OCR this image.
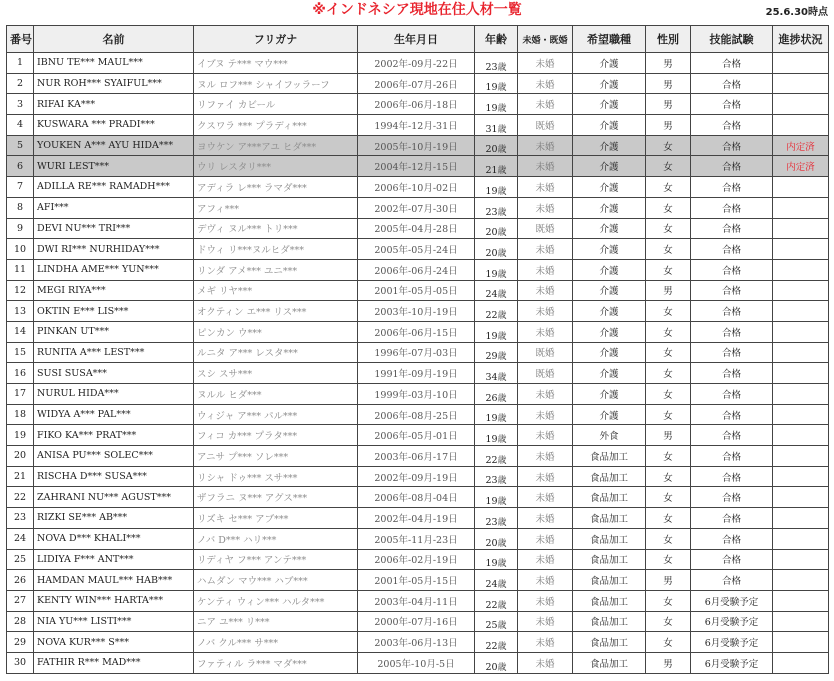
※インドネシア現地在住人材一覧	25.6.30時点
番号	名前	フリガナ	生年月日	年齢	未婚・既婚	希望職種	性別	技能試験	進捗状況
1	IBNU TE*** MAUL***	イブヌ テ*** マウ***	2002年-09月-22日	23歳	未婚	介護	男	合格	
2	NUR ROH*** SYAIFUL***	ヌル ロフ*** シャイフッラーフ	2006年-07月-26日	19歳	未婚	介護	男	合格	
3	RIFAI KA***	リファイ カビール	2006年-06月-18日	19歳	未婚	介護	男	合格	
4	KUSWARA *** PRADI***	クスワラ *** プラディ***	1994年-12月-31日	31歳	既婚	介護	男	合格	
5	YOUKEN A*** AYU HIDA***	ヨウケン ア***アユ ヒダ***	2005年-10月-19日	20歳	未婚	介護	女	合格	内定済
6	WURI LEST***	ウリ レスタリ***	2004年-12月-15日	21歳	未婚	介護	女	合格	内定済
7	ADILLA RE*** RAMADH***	アディラ レ*** ラマダ***	2006年-10月-02日	19歳	未婚	介護	女	合格	
8	AFI***	アフィ***	2002年-07月-30日	23歳	未婚	介護	女	合格	
9	DEVI NU*** TRI***	デヴィ ヌル*** トリ***	2005年-04月-28日	20歳	既婚	介護	女	合格	
10	DWI RI*** NURHIDAY***	ドウィ リ***ヌルヒダ***	2005年-05月-24日	20歳	未婚	介護	女	合格	
11	LINDHA AME*** YUN***	リンダ アメ*** ユニ***	2006年-06月-24日	19歳	未婚	介護	女	合格	
12	MEGI RIYA***	メギ リヤ***	2001年-05月-05日	24歳	未婚	介護	男	合格	
13	OKTIN E*** LIS***	オクティン エ*** リス***	2003年-10月-19日	22歳	未婚	介護	女	合格	
14	PINKAN UT***	ピンカン ウ***	2006年-06月-15日	19歳	未婚	介護	女	合格	
15	RUNITA A*** LEST***	ルニタ ア*** レスタ***	1996年-07月-03日	29歳	既婚	介護	女	合格	
16	SUSI SUSA***	スシ スサ***	1991年-09月-19日	34歳	既婚	介護	女	合格	
17	NURUL HIDA***	ヌルル ヒダ***	1999年-03月-10日	26歳	未婚	介護	女	合格	
18	WIDYA A*** PAL***	ウィジャ ア*** パル***	2006年-08月-25日	19歳	未婚	介護	女	合格	
19	FIKO KA*** PRAT***	フィコ カ*** プラタ***	2006年-05月-01日	19歳	未婚	外食	男	合格	
20	ANISA PU*** SOLEC***	アニサ プ*** ソレ***	2003年-06月-17日	22歳	未婚	食品加工	女	合格	
21	RISCHA D*** SUSA***	リシャ ドゥ*** スサ***	2002年-09月-19日	23歳	未婚	食品加工	女	合格	
22	ZAHRANI NU*** AGUST***	ザフラニ ヌ*** アグス***	2006年-08月-04日	19歳	未婚	食品加工	女	合格	
23	RIZKI SE*** AB***	リズキ セ*** アブ***	2002年-04月-19日	23歳	未婚	食品加工	女	合格	
24	NOVA D*** KHALI***	ノバ D*** ハリ***	2005年-11月-23日	20歳	未婚	食品加工	女	合格	
25	LIDIYA F*** ANT***	リディヤ フ*** アンテ***	2006年-02月-19日	19歳	未婚	食品加工	女	合格	
26	HAMDAN MAUL*** HAB***	ハムダン マウ*** ハブ***	2001年-05月-15日	24歳	未婚	食品加工	男	合格	
27	KENTY WIN*** HARTA***	ケンティ ウィン*** ハルタ***	2003年-04月-11日	22歳	未婚	食品加工	女	6月受験予定	
28	NIA YU*** LISTI***	ニア ユ*** リ***	2000年-07月-16日	25歳	未婚	食品加工	女	6月受験予定	
29	NOVA KUR*** S***	ノバ クル*** サ***	2003年-06月-13日	22歳	未婚	食品加工	女	6月受験予定	
30	FATHIR R*** MAD***	ファティル ラ*** マダ***	2005年-10月-5日	20歳	未婚	食品加工	男	6月受験予定	
